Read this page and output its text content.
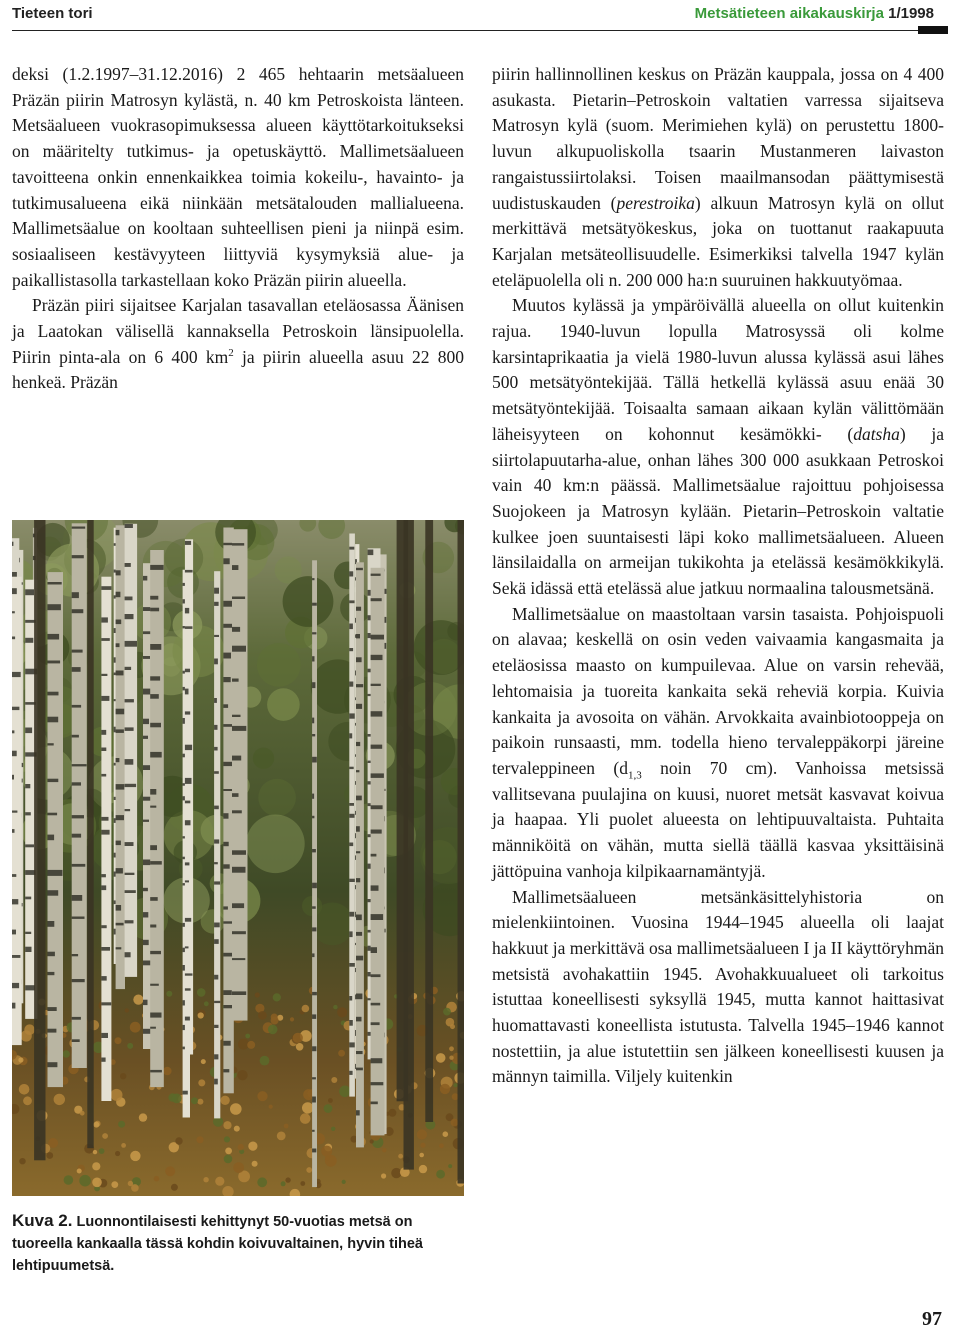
Tieteen tori	Metsätieteen aikakauskirja 1/1998

deksi (1.2.1997–31.12.2016) 2 465 hehtaarin metsäalueen Präzän piirin Matrosyn kylästä, n. 40 km Petroskoista länteen. Metsäalueen vuokrasopimuksessa alueen käyttötarkoitukseksi on määritelty tutkimus- ja opetuskäyttö. Mallimetsäalueen tavoitteena onkin ennenkaikkea toimia kokeilu-, havainto- ja tutkimusalueena eikä niinkään metsätalouden mallialueena. Mallimetsäalue on kooltaan suhteellisen pieni ja niinpä esim. sosiaaliseen kestävyyteen liittyviä kysymyksiä alue- ja paikallistasolla tarkastellaan koko Präzän piirin alueella.

Präzän piiri sijaitsee Karjalan tasavallan eteläosassa Äänisen ja Laatokan välisellä kannaksella Petroskoin länsipuolella. Piirin pinta-ala on 6 400 $km^2$ ja piirin alueella asuu 22 800 henkeä. Präzän

Kuva 2. Luonnontilaisesti kehittynyt 50-vuotias metsä on tuoreella kankaalla tässä kohdin koivuvaltainen, hyvin tiheä lehtipuumetsä.

piirin hallinnollinen keskus on Präzän kauppala, jossa on 4 400 asukasta. Pietarin–Petroskoin valtatien varressa sijaitseva Matrosyn kylä (suom. Merimiehen kylä) on perustettu 1800-luvun alkupuoliskolla tsaarin Mustanmeren laivaston rangaistussiirtolaksi. Toisen maailmansodan päättymisestä uudistuskauden (perestroika) alkuun Matrosyn kylä on ollut merkittävä metsätyökeskus, joka on tuottanut raakapuuta Karjalan metsäteollisuudelle. Esimerkiksi talvella 1947 kylän eteläpuolella oli n. 200 000 ha:n suuruinen hakkuutyömaa.

Muutos kylässä ja ympäröivällä alueella on ollut kuitenkin rajua. 1940-luvun lopulla Matrosyssä oli kolme karsintaprikaatia ja vielä 1980-luvun alussa kylässä asui lähes 500 metsätyöntekijää. Tällä hetkellä kylässä asuu enää 30 metsätyöntekijää. Toisaalta samaan aikaan kylän välittömään läheisyyteen on kohonnut kesämökki- (datsha) ja siirtolapuutarha-alue, onhan lähes 300 000 asukkaan Petroskoi vain 40 km:n päässä. Mallimetsäalue rajoittuu pohjoisessa Suojokeen ja Matrosyn kylään. Pietarin–Petroskoin valtatie kulkee joen suuntaisesti läpi koko mallimetsäalueen. Alueen länsilaidalla on armeijan tukikohta ja etelässä kesämökkikylä. Sekä idässä että etelässä alue jatkuu normaalina talousmetsänä.

Mallimetsäalue on maastoltaan varsin tasaista. Pohjoispuoli on alavaa; keskellä on osin veden vaivaamia kangasmaita ja eteläosissa maasto on kumpuilevaa. Alue on varsin rehevää, lehtomaisia ja tuoreita kankaita sekä reheviä korpia. Kuivia kankaita ja avosoita on vähän. Arvokkaita avainbiotooppeja on paikoin runsaasti, mm. todella hieno tervaleppäkorpi järeine tervaleppineen ($d_{1,3}$ noin 70 cm). Vanhoissa metsissä vallitsevana puulajina on kuusi, nuoret metsät kasvavat koivua ja haapaa. Yli puolet alueesta on lehtipuuvaltaista. Puhtaita männiköitä on vähän, mutta siellä täällä kasvaa yksittäisinä jättöpuina vanhoja kilpikaarnamäntyjä.

Mallimetsäalueen metsänkäsittelyhistoria on mielenkiintoinen. Vuosina 1944–1945 alueella oli laajat hakkuut ja merkittävä osa mallimetsäalueen I ja II käyttöryhmän metsistä avohakattiin 1945. Avohakkuualueet oli tarkoitus istuttaa koneellisesti syksyllä 1945, mutta kannot haittasivat huomattavasti koneellista istutusta. Talvella 1945–1946 kannot nostettiin, ja alue istutettiin sen jälkeen koneellisesti kuusen ja männyn taimilla. Viljely kuitenkin

97
